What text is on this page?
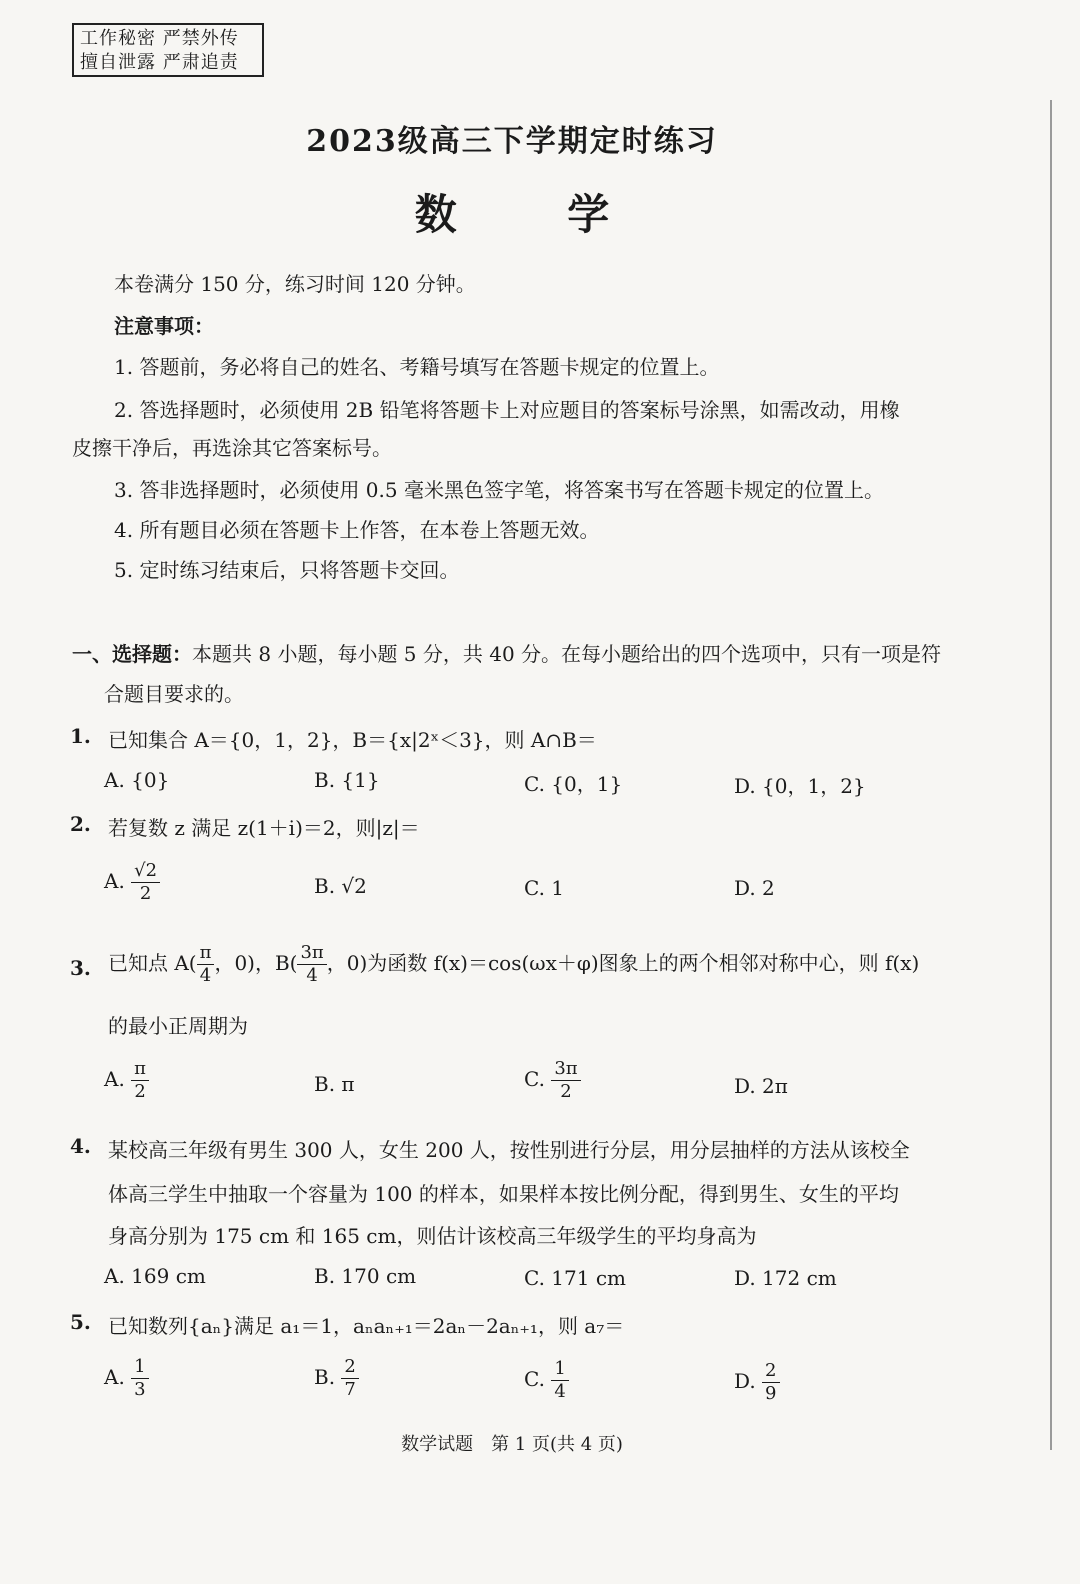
工作秘密 严禁外传
擅自泄露 严肃追责
2023级高三下学期定时练习
数 学
本卷满分 150 分，练习时间 120 分钟。
注意事项：
1. 答题前，务必将自己的姓名、考籍号填写在答题卡规定的位置上。
2. 答选择题时，必须使用 2B 铅笔将答题卡上对应题目的答案标号涂黑，如需改动，用橡
皮擦干净后，再选涂其它答案标号。
3. 答非选择题时，必须使用 0.5 毫米黑色签字笔，将答案书写在答题卡规定的位置上。
4. 所有题目必须在答题卡上作答，在本卷上答题无效。
5. 定时练习结束后，只将答题卡交回。
一、选择题：本题共 8 小题，每小题 5 分，共 40 分。在每小题给出的四个选项中，只有一项是符
合题目要求的。
1. 已知集合 A＝{0，1，2}，B＝{x|2ˣ＜3}，则 A∩B＝
A. {0}	B. {1}	C. {0，1}	D. {0，1，2}
2. 若复数 z 满足 z(1＋i)＝2，则|z|＝
A. $\frac{√2}{2}$	B. √2	C. 1	D. 2
3. 已知点 $A( \frac{\pi}{4}$ ，0)，$B( \frac{3\pi}{4}$ ，0)为函数 f(x)＝cos(ωx＋φ)图象上的两个相邻对称中心，则 f(x)
的最小正周期为
A. $\frac{\pi}{2}$	B. π	C. $\frac{3\pi}{2}$	D. 2π
4. 某校高三年级有男生 300 人，女生 200 人，按性别进行分层，用分层抽样的方法从该校全
体高三学生中抽取一个容量为 100 的样本，如果样本按比例分配，得到男生、女生的平均
身高分别为 175 cm 和 165 cm，则估计该校高三年级学生的平均身高为
A. 169 cm	B. 170 cm	C. 171 cm	D. 172 cm
5. 已知数列{aₙ}满足 a₁＝1，aₙaₙ₊₁＝2aₙ－2aₙ₊₁，则 a₇＝
A. $\frac{1}{3}$	B. $\frac{2}{7}$	C. $\frac{1}{4}$	D. $\frac{2}{9}$
数学试题　第 1 页(共 4 页)
